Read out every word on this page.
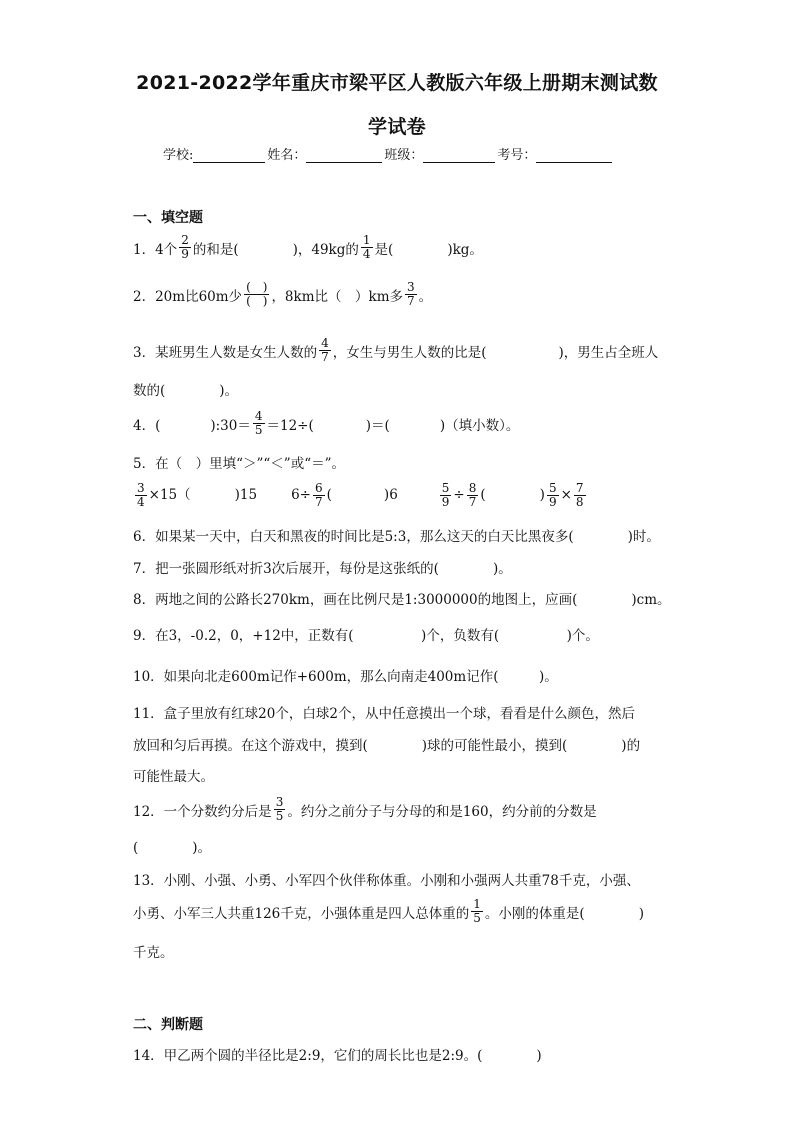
2021-2022学年重庆市梁平区人教版六年级上册期末测试数
学试卷
学校:	姓名：	班级：	考号：
一、填空题
1．4个 $\frac{2}{9}$ 的和是(	)，49kg的 $\frac{1}{4}$ 是(	)kg。
2．20m比60m少 $\frac{( )}{( )}$ ，8km比（　）km多 $\frac{3}{7}$ 。
3．某班男生人数是女生人数的 $\frac{4}{7}$ ，女生与男生人数的比是(	)，男生占全班人
数的(　　　　)。
4．(	):30＝ $\frac{4}{5} =12\div$(	)＝(	)（填小数）。
5．在（　）里填“＞”“＜”或“＝”。
$\frac{3}{4} \times 15$（	)15	$6\div \frac{6}{7}$ (	)6	$\frac{5}{9} \div \frac{8}{7}$ (	) $\frac{5}{9} \times \frac{7}{8}$
6．如果某一天中，白天和黑夜的时间比是5:3，那么这天的白天比黑夜多(　　　　)时。
7．把一张圆形纸对折3次后展开，每份是这张纸的(　　　　)。
8．两地之间的公路长270km，画在比例尺是1:3000000的地图上，应画(　　　　)cm。
9．在3，-0.2，0，+12中，正数有(　　　　　)个，负数有(　　　　　)个。
10．如果向北走600m记作+600m，那么向南走400m记作(　　　)。
11．盒子里放有红球20个，白球2个，从中任意摸出一个球，看看是什么颜色，然后
放回和匀后再摸。在这个游戏中，摸到(　　　　)球的可能性最小，摸到(　　　　)的
可能性最大。
12．一个分数约分后是 $\frac{3}{5}$ 。约分之前分子与分母的和是160，约分前的分数是
(　　　　)。
13．小刚、小强、小勇、小军四个伙伴称体重。小刚和小强两人共重78千克，小强、
小勇、小军三人共重126千克，小强体重是四人总体重的 $\frac{1}{5}$ 。小刚的体重是(　　　　)
千克。
二、判断题
14．甲乙两个圆的半径比是2:9，它们的周长比也是2:9。(　　　　)
